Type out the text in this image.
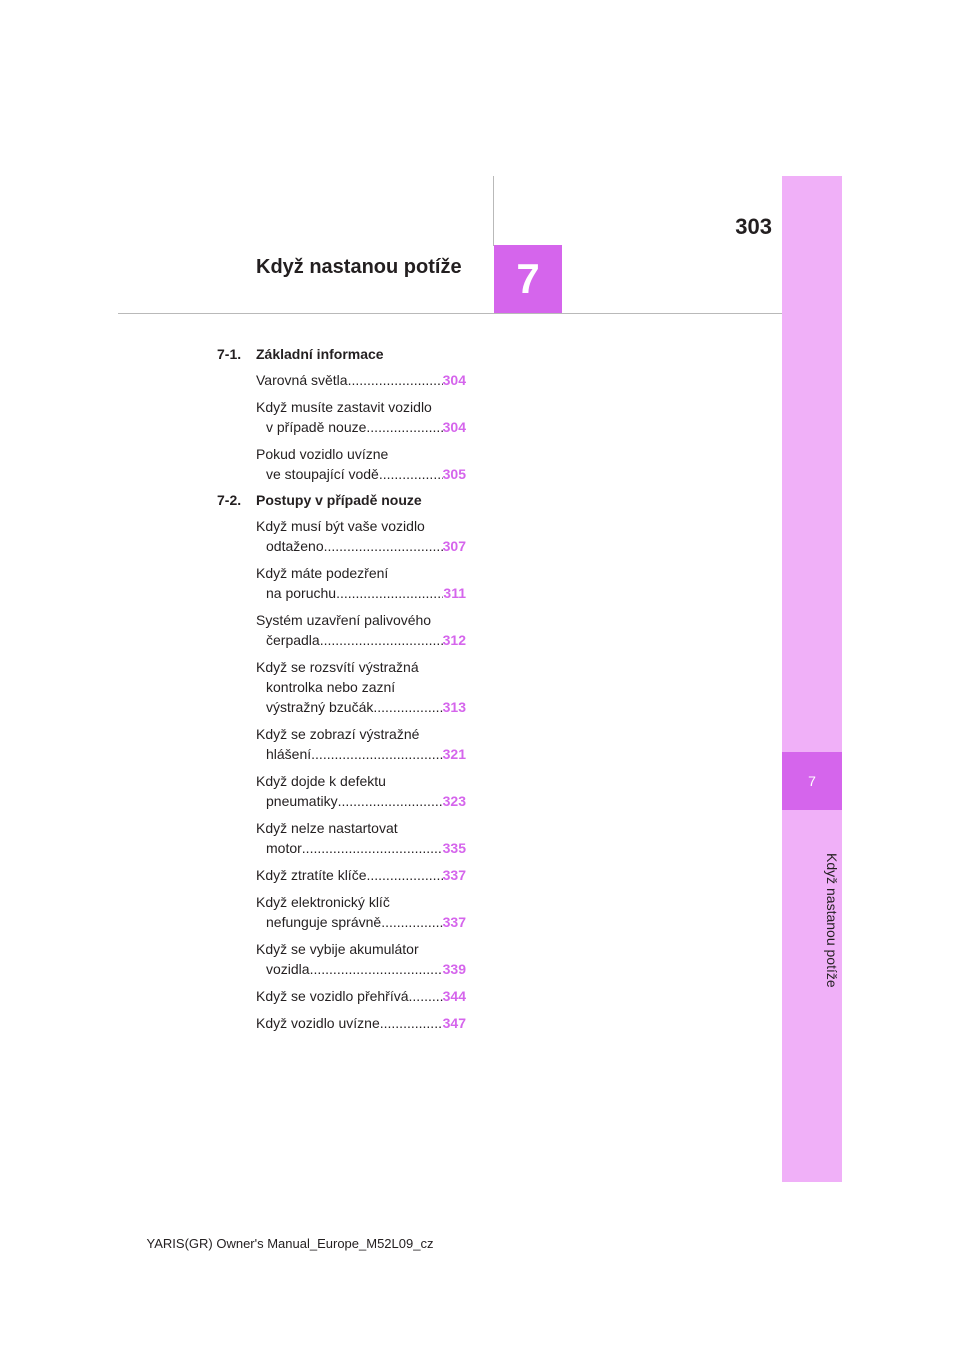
7
Když nastanou potíže
303
7
Když nastanou potíže
7-1.	Základní informace
Varovná světla .....	304
Když musíte zastavit vozidlo
v případě nouze .....	304
Pokud vozidlo uvízne
ve stoupající vodě .....	305
7-2.	Postupy v případě nouze
Když musí být vaše vozidlo
odtaženo .....	307
Když máte podezření
na poruchu .....	311
Systém uzavření palivového
čerpadla .....	312
Když se rozsvítí výstražná
kontrolka nebo zazní
výstražný bzučák .....	313
Když se zobrazí výstražné
hlášení .....	321
Když dojde k defektu
pneumatiky .....	323
Když nelze nastartovat
motor .....	335
Když ztratíte klíče .....	337
Když elektronický klíč
nefunguje správně .....	337
Když se vybije akumulátor
vozidla .....	339
Když se vozidlo přehřívá ..... 344
Když vozidlo uvízne .....	347
YARIS(GR) Owner's Manual_Europe_M52L09_cz
